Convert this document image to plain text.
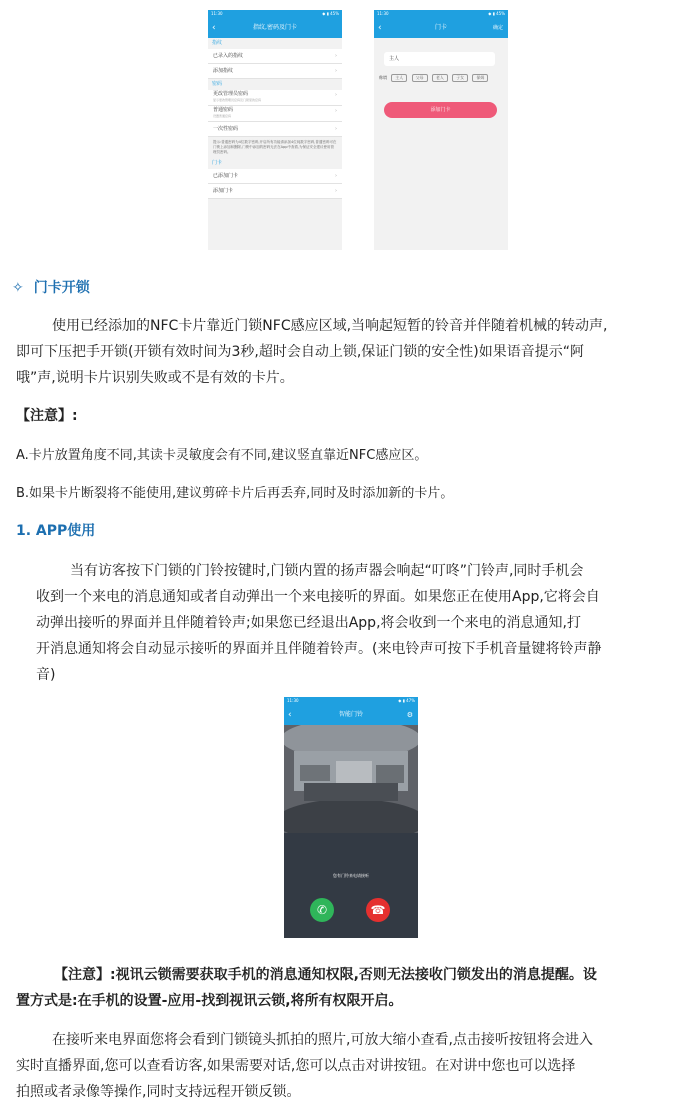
11:30	◆ ▮ 45%
‹	指纹,密码及门卡
指纹
已录入的指纹	›
添加指纹	›
密码
更改管理员密码
显示更改管理员密码及门锁里的密码
›
普通密码
设置普通密码
›
一次性密码	›
提示:普通密码为4位数字密码,开启所有功能请添加4位纯数字密码,普通密码可在门锁上添加和删除,门锁中添加的密码无法在App中查看,为保证安全建议使用管理员密码。
门卡
已添加门卡	›
添加门卡	›
11:30	◆ ▮ 45%
‹	门卡	确定
主人
称谓 主人	父母	老人	子女	保姆
添加门卡
✧ 门卡开锁
使用已经添加的NFC卡片靠近门锁NFC感应区域,当响起短暂的铃音并伴随着机械的转动声,
即可下压把手开锁(开锁有效时间为3秒,超时会自动上锁,保证门锁的安全性)如果语音提示“阿
哦”声,说明卡片识别失败或不是有效的卡片。
【注意】:
A.卡片放置角度不同,其读卡灵敏度会有不同,建议竖直靠近NFC感应区。
B.如果卡片断裂将不能使用,建议剪碎卡片后再丢弃,同时及时添加新的卡片。
1. APP使用
当有访客按下门锁的门铃按键时,门锁内置的扬声器会响起“叮咚”门铃声,同时手机会
收到一个来电的消息通知或者自动弹出一个来电接听的界面。如果您正在使用App,它将会自
动弹出接听的界面并且伴随着铃声;如果您已经退出App,将会收到一个来电的消息通知,打
开消息通知将会自动显示接听的界面并且伴随着铃声。(来电铃声可按下手机音量键将铃声静
音)
11:30	◆ ▮ 47%
‹	智能门铃	⚙
您有门铃来电请接听
✆	☎
【注意】:视讯云锁需要获取手机的消息通知权限,否则无法接收门锁发出的消息提醒。设
置方式是:在手机的设置-应用-找到视讯云锁,将所有权限开启。
在接听来电界面您将会看到门锁镜头抓拍的照片,可放大缩小查看,点击接听按钮将会进入
实时直播界面,您可以查看访客,如果需要对话,您可以点击对讲按钮。在对讲中您也可以选择
拍照或者录像等操作,同时支持远程开锁反锁。
